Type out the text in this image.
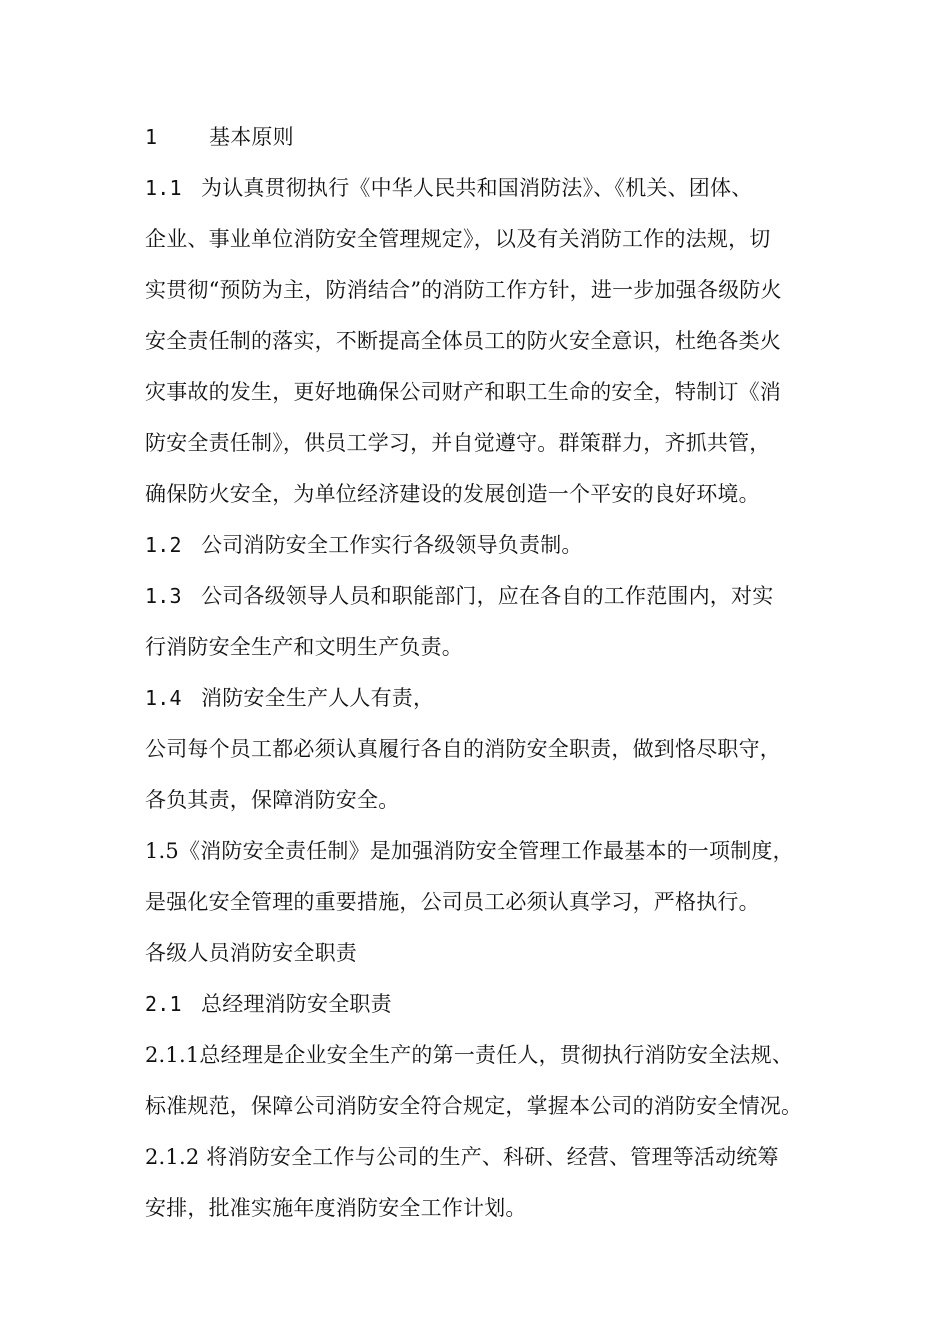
1 基本原则
1.1 为认真贯彻执行《中华人民共和国消防法》、《机关、团体、
企业、事业单位消防安全管理规定》，以及有关消防工作的法规，切
实贯彻“预防为主，防消结合”的消防工作方针，进一步加强各级防火
安全责任制的落实，不断提高全体员工的防火安全意识，杜绝各类火
灾事故的发生，更好地确保公司财产和职工生命的安全，特制订《消
防安全责任制》，供员工学习，并自觉遵守。群策群力，齐抓共管，
确保防火安全，为单位经济建设的发展创造一个平安的良好环境。
1.2 公司消防安全工作实行各级领导负责制。
1.3 公司各级领导人员和职能部门，应在各自的工作范围内，对实
行消防安全生产和文明生产负责。
1.4 消防安全生产人人有责，
公司每个员工都必须认真履行各自的消防安全职责，做到恪尽职守，
各负其责，保障消防安全。
1.5《消防安全责任制》是加强消防安全管理工作最基本的一项制度，
是强化安全管理的重要措施，公司员工必须认真学习，严格执行。
各级人员消防安全职责
2.1 总经理消防安全职责
2.1.1总经理是企业安全生产的第一责任人，贯彻执行消防安全法规、
标准规范，保障公司消防安全符合规定，掌握本公司的消防安全情况。
2.1.2 将消防安全工作与公司的生产、科研、经营、管理等活动统筹
安排，批准实施年度消防安全工作计划。
